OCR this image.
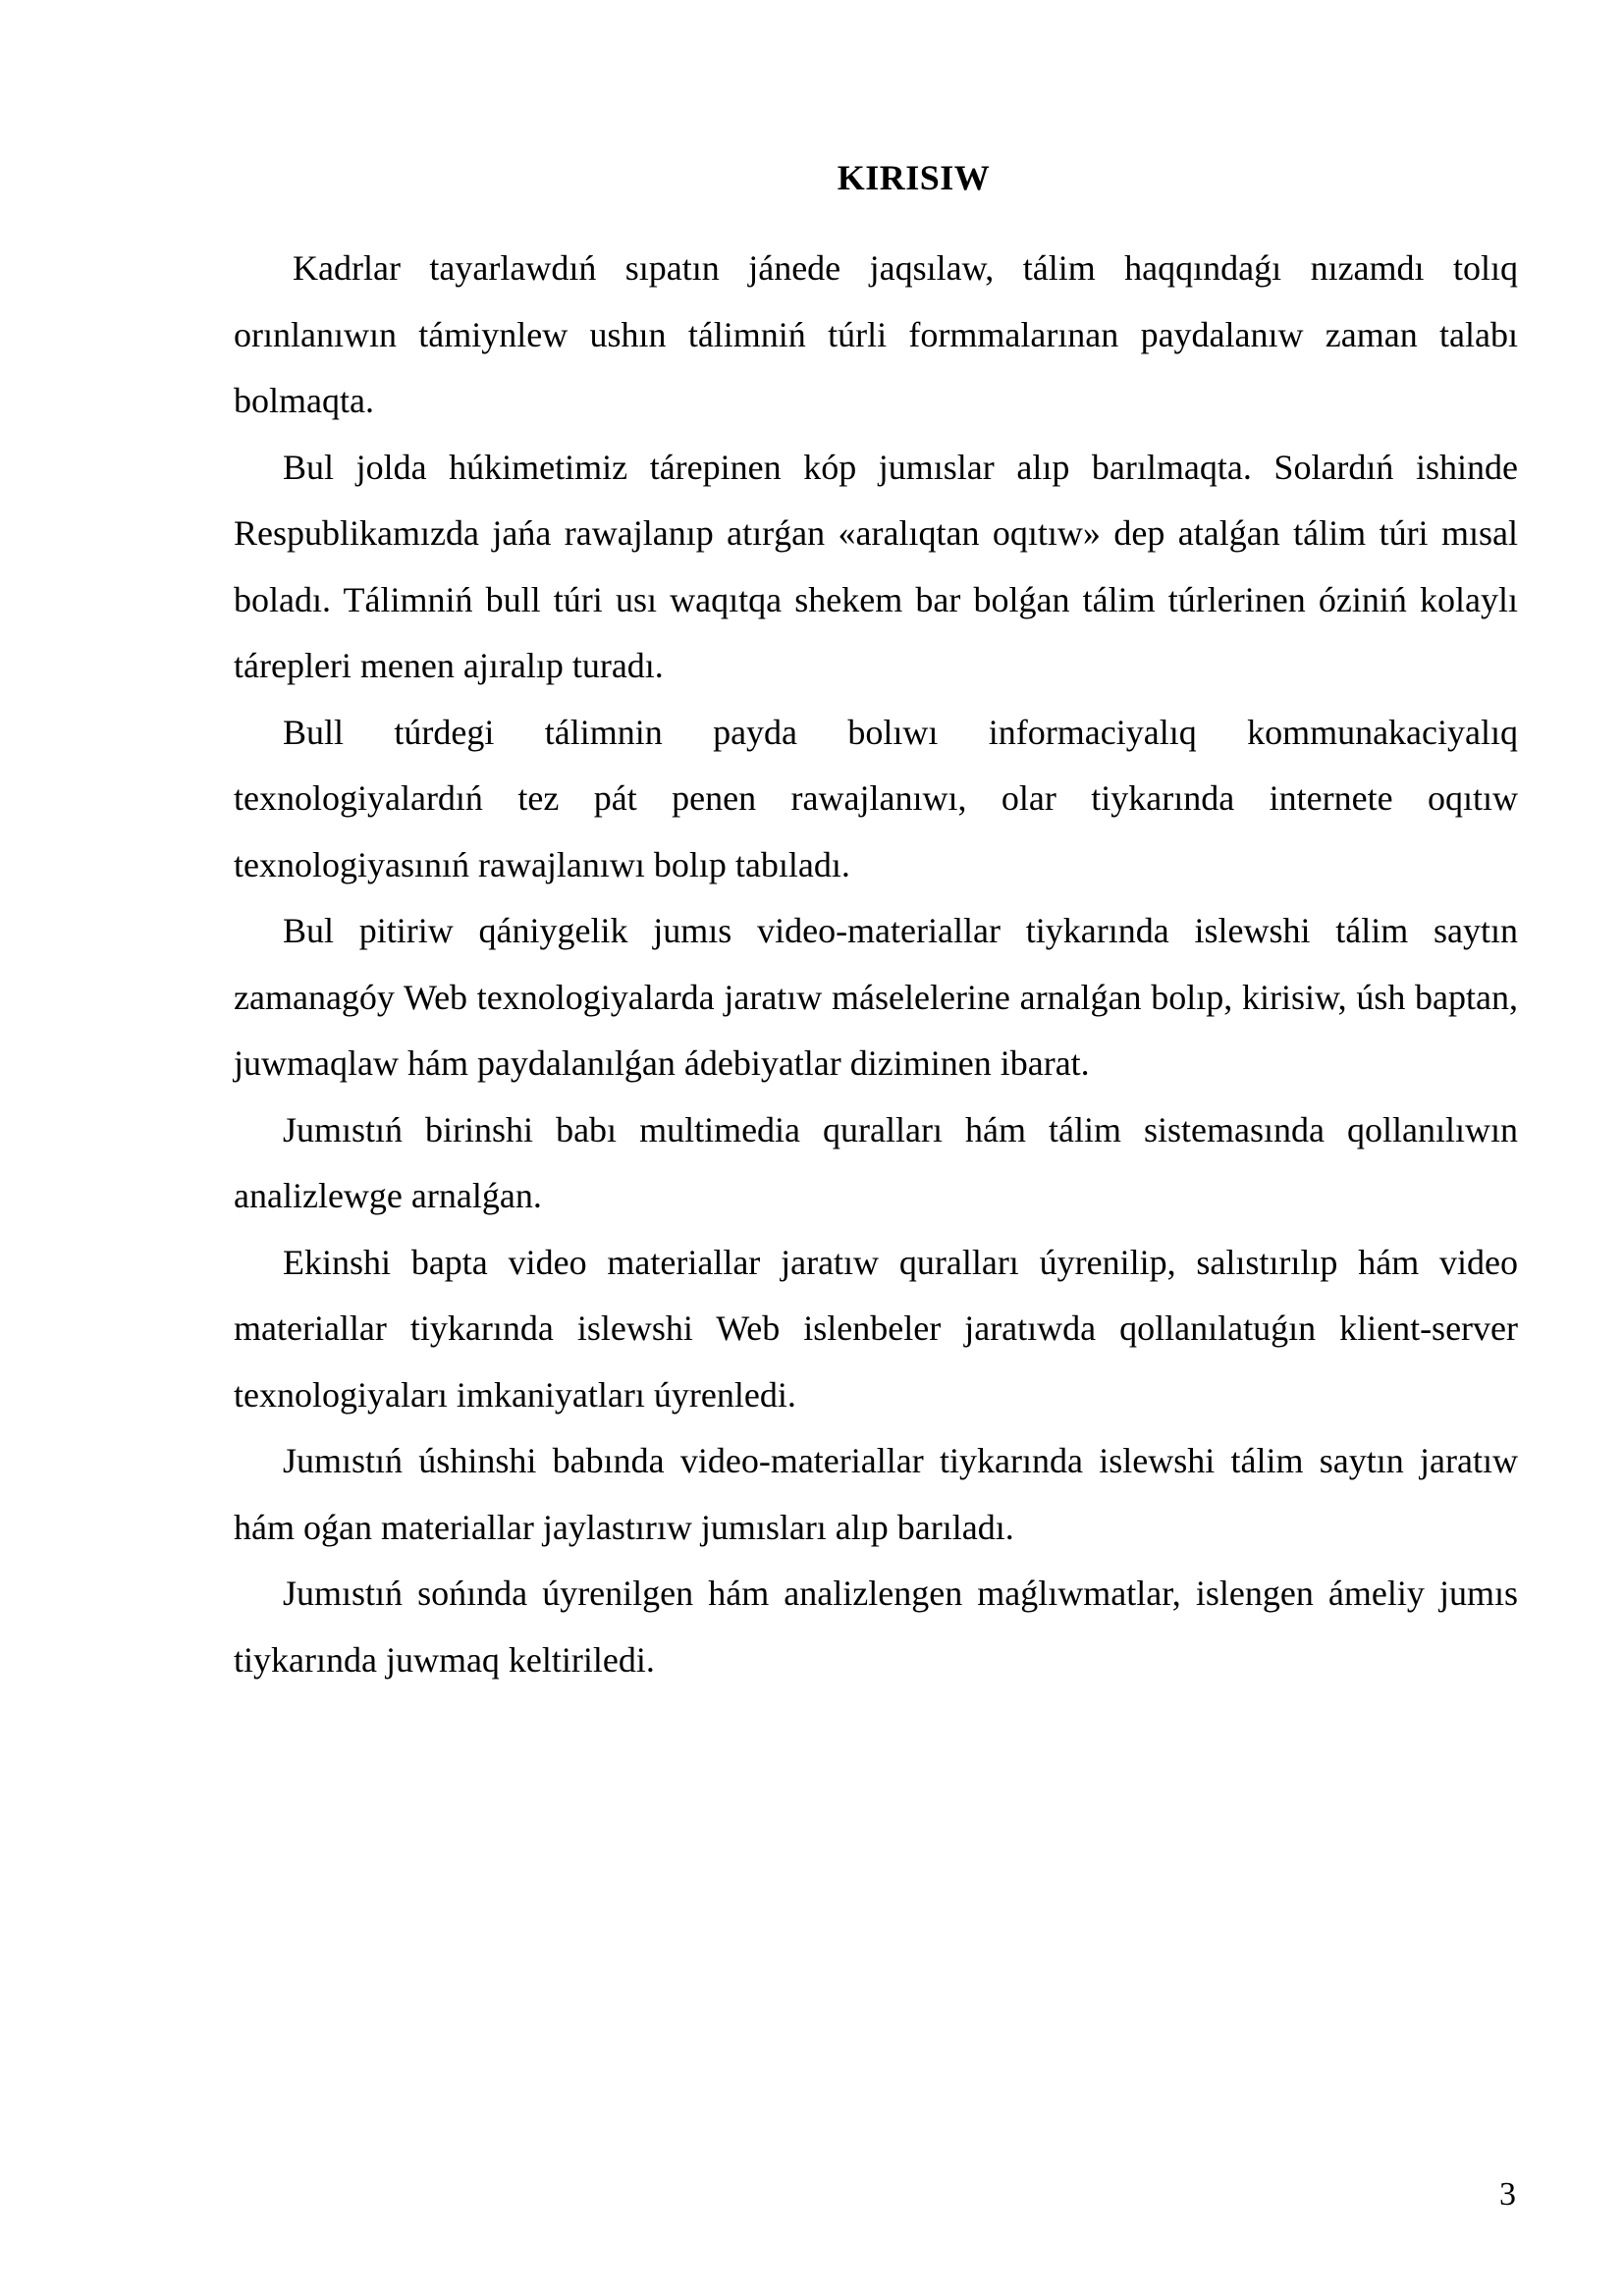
KIRISIW

Kadrlar tayarlawdıń sıpatın jánede jaqsılaw, tálim haqqındaǵı nızamdı tolıq orınlanıwın támiynlew ushın tálimniń túrli formmalarınan paydalanıw zaman talabı bolmaqta.

Bul jolda húkimetimiz tárepinen kóp jumıslar alıp barılmaqta. Solardıń ishinde Respublikamızda jańa rawajlanıp atırǵan «aralıqtan oqıtıw» dep atalǵan tálim túri mısal boladı. Tálimniń bull túri usı waqıtqa shekem bar bolǵan tálim túrlerinen óziniń kolaylı tárepleri menen ajıralıp turadı.

Bull túrdegi tálimnin payda bolıwı informaciyalıq kommunakaciyalıq texnologiyalardıń tez pát penen rawajlanıwı, olar tiykarında internete oqıtıw texnologiyasınıń rawajlanıwı bolıp tabıladı.

Bul pitiriw qániygelik jumıs video-materiallar tiykarında islewshi tálim saytın zamanagóy Web texnologiyalarda jaratıw máselelerine arnalǵan bolıp, kirisiw, úsh baptan, juwmaqlaw hám paydalanılǵan ádebiyatlar diziminen ibarat.

Jumıstıń birinshi babı multimedia quralları hám tálim sistemasında qollanılıwın analizlewge arnalǵan.

Ekinshi bapta video materiallar jaratıw quralları úyrenilip, salıstırılıp hám video materiallar tiykarında islewshi Web islenbeler jaratıwda qollanılatuǵın klient-server texnologiyaları imkaniyatları úyrenledi.

Jumıstıń úshinshi babında video-materiallar tiykarında islewshi tálim saytın jaratıw hám oǵan materiallar jaylastırıw jumısları alıp barıladı.

Jumıstıń sońında úyrenilgen hám analizlengen maǵlıwmatlar, islengen ámeliy jumıs tiykarında juwmaq keltiriledi.

3
